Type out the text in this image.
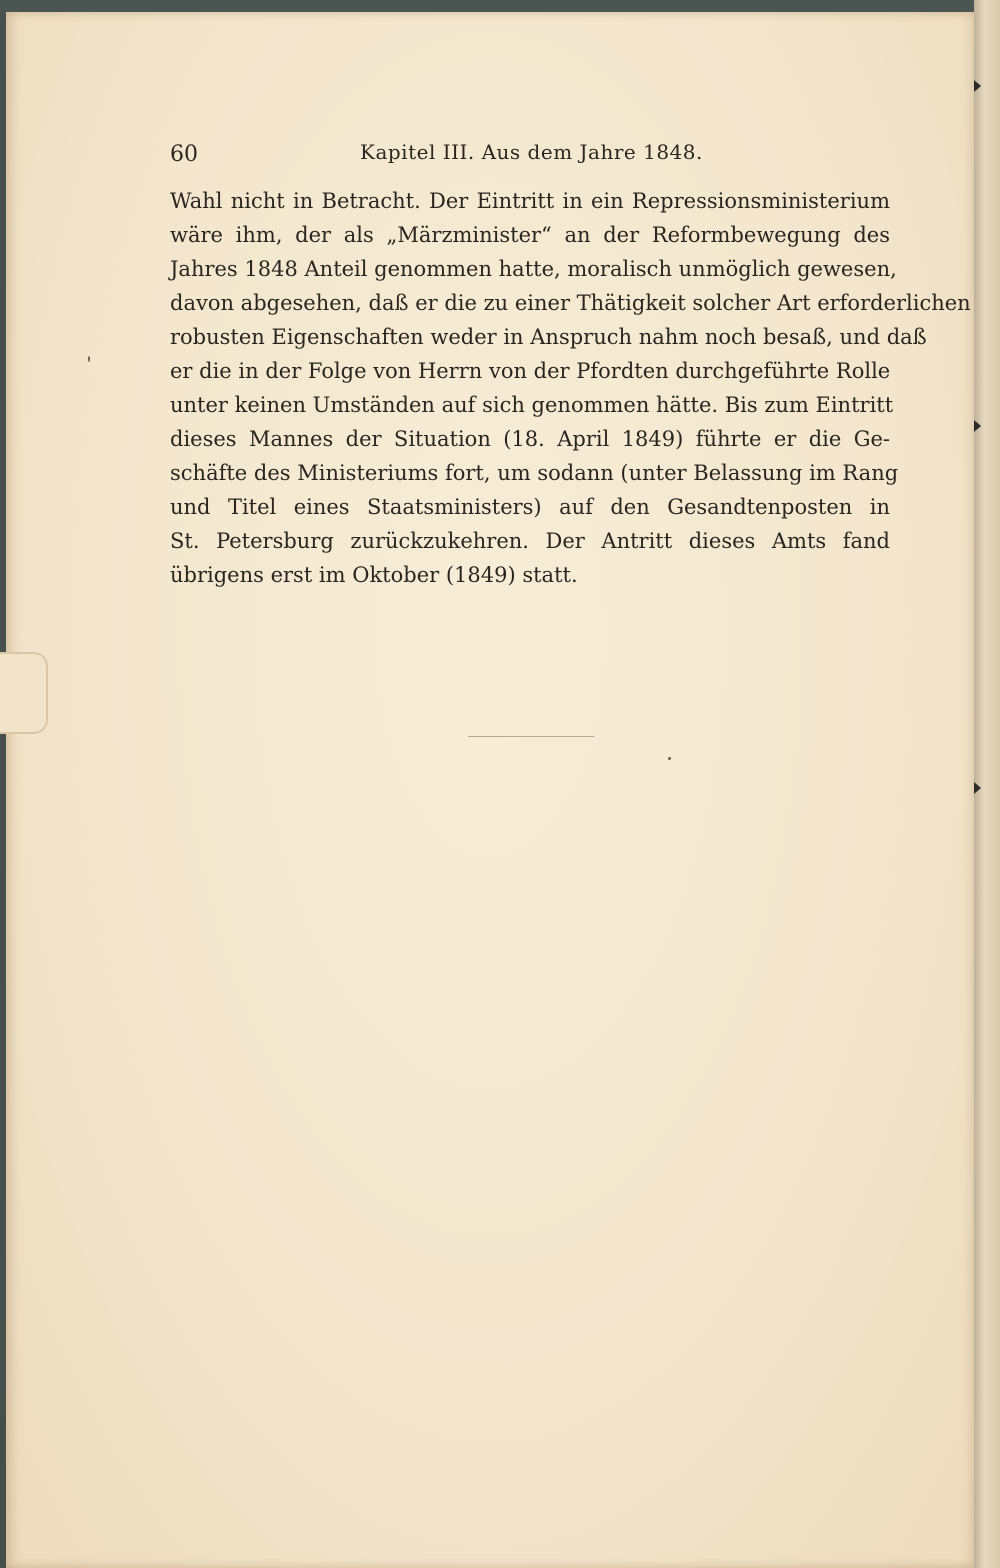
60	Kapitel III. Aus dem Jahre 1848.
Wahl nicht in Betracht. Der Eintritt in ein Repressionsministerium
wäre ihm, der als „Märzminister“ an der Reformbewegung des
Jahres 1848 Anteil genommen hatte, moralisch unmöglich gewesen,
davon abgesehen, daß er die zu einer Thätigkeit solcher Art erforderlichen
robusten Eigenschaften weder in Anspruch nahm noch besaß, und daß
er die in der Folge von Herrn von der Pfordten durchgeführte Rolle
unter keinen Umständen auf sich genommen hätte. Bis zum Eintritt
dieses Mannes der Situation (18. April 1849) führte er die Ge-
schäfte des Ministeriums fort, um sodann (unter Belassung im Rang
und Titel eines Staatsministers) auf den Gesandtenposten in
St. Petersburg zurückzukehren. Der Antritt dieses Amts fand
übrigens erst im Oktober (1849) statt.
